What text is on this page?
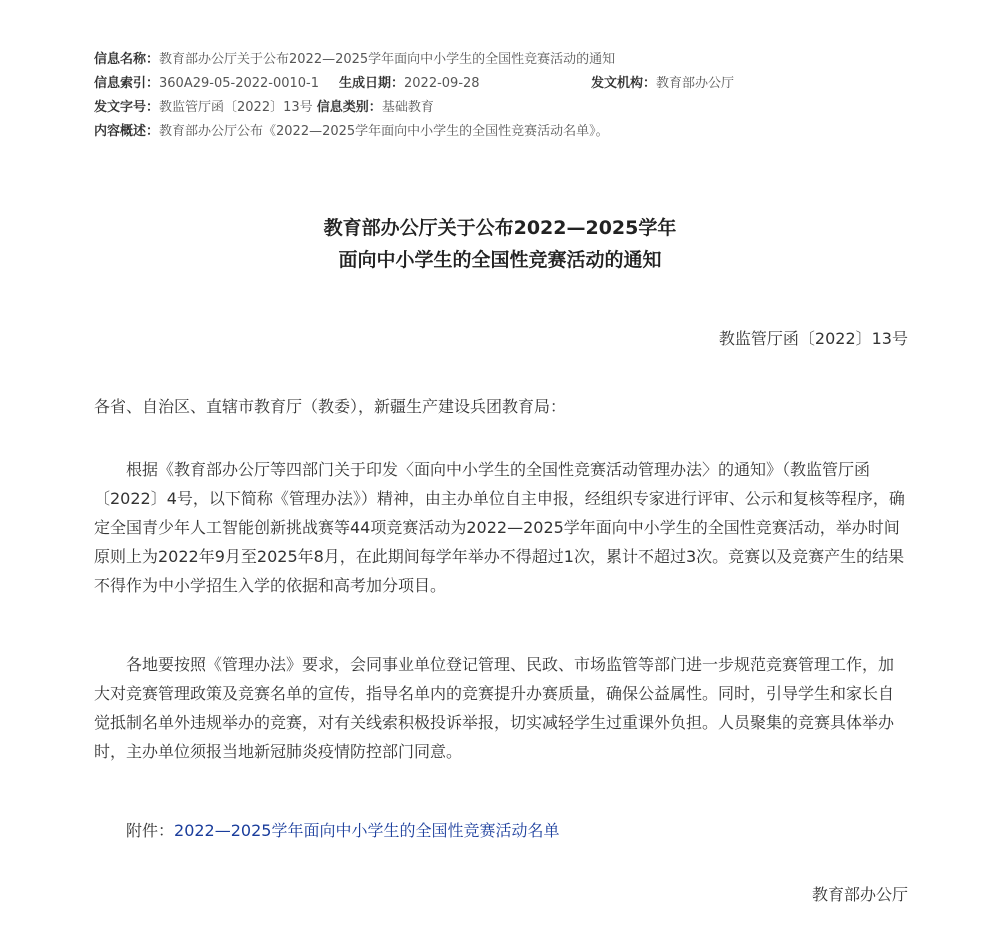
信息名称：教育部办公厅关于公布2022—2025学年面向中小学生的全国性竞赛活动的通知
信息索引：360A29-05-2022-0010-1 生成日期：2022-09-28	发文机构：教育部办公厅
发文字号：教监管厅函〔2022〕13号 信息类别：基础教育
内容概述：教育部办公厅公布《2022—2025学年面向中小学生的全国性竞赛活动名单》。
教育部办公厅关于公布2022—2025学年
面向中小学生的全国性竞赛活动的通知
教监管厅函〔2022〕13号
各省、自治区、直辖市教育厅（教委），新疆生产建设兵团教育局：

根据《教育部办公厅等四部门关于印发〈面向中小学生的全国性竞赛活动管理办法〉的通知》（教监管厅函〔2022〕4号，以下简称《管理办法》）精神，由主办单位自主申报，经组织专家进行评审、公示和复核等程序，确定全国青少年人工智能创新挑战赛等44项竞赛活动为2022—2025学年面向中小学生的全国性竞赛活动，举办时间原则上为2022年9月至2025年8月，在此期间每学年举办不得超过1次，累计不超过3次。竞赛以及竞赛产生的结果不得作为中小学招生入学的依据和高考加分项目。

各地要按照《管理办法》要求，会同事业单位登记管理、民政、市场监管等部门进一步规范竞赛管理工作，加大对竞赛管理政策及竞赛名单的宣传，指导名单内的竞赛提升办赛质量，确保公益属性。同时，引导学生和家长自觉抵制名单外违规举办的竞赛，对有关线索积极投诉举报，切实减轻学生过重课外负担。人员聚集的竞赛具体举办时，主办单位须报当地新冠肺炎疫情防控部门同意。

附件：2022—2025学年面向中小学生的全国性竞赛活动名单
教育部办公厅
